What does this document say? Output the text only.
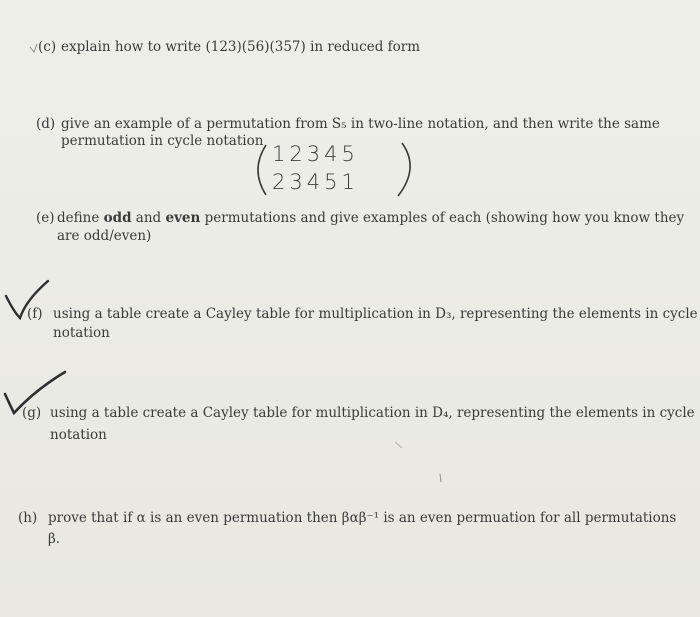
(c) explain how to write (123)(56)(357) in reduced form

(d) give an example of a permutation from S₅ in two-line notation, and then write the same

permutation in cycle notation

12345
23451

(e) define odd and even permutations and give examples of each (showing how you know they

are odd/even)

(f) using a table create a Cayley table for multiplication in D₃, representing the elements in cycle

notation

(g) using a table create a Cayley table for multiplication in D₄, representing the elements in cycle

notation

(h) prove that if α is an even permuation then βαβ⁻¹ is an even permuation for all permutations

β.
